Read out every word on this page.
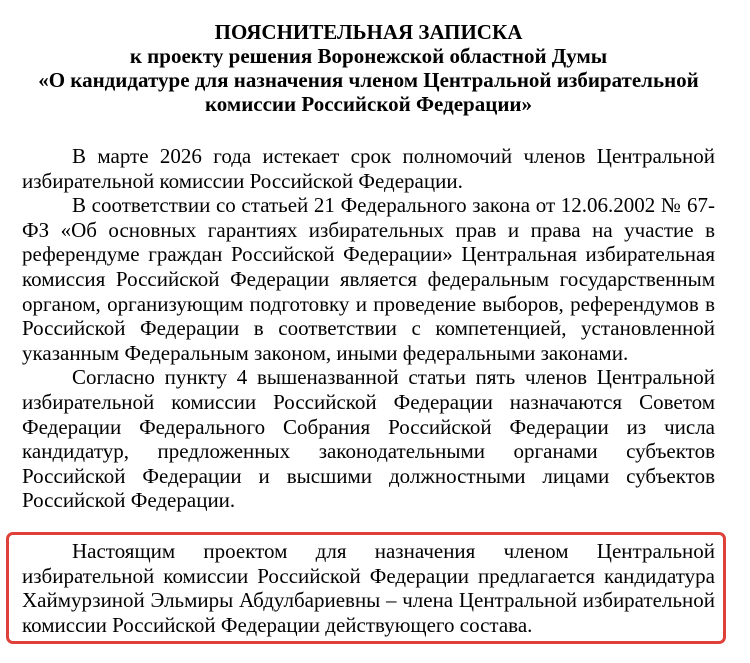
ПОЯСНИТЕЛЬНАЯ ЗАПИСКА
к проекту решения Воронежской областной Думы
«О кандидатуре для назначения членом Центральной избирательной
комиссии Российской Федерации»

В марте 2026 года истекает срок полномочий членов Центральной избирательной комиссии Российской Федерации.

В соответствии со статьей 21 Федерального закона от 12.06.2002 № 67-ФЗ «Об основных гарантиях избирательных прав и права на участие в референдуме граждан Российской Федерации» Центральная избирательная комиссия Российской Федерации является федеральным государственным органом, организующим подготовку и проведение выборов, референдумов в Российской Федерации в соответствии с компетенцией, установленной указанным Федеральным законом, иными федеральными законами.

Согласно пункту 4 вышеназванной статьи пять членов Центральной избирательной комиссии Российской Федерации назначаются Советом Федерации Федерального Собрания Российской Федерации из числа кандидатур, предложенных законодательными органами субъектов Российской Федерации и высшими должностными лицами субъектов Российской Федерации.

Настоящим проектом для назначения членом Центральной избирательной комиссии Российской Федерации предлагается кандидатура Хаймурзиной Эльмиры Абдулбариевны – члена Центральной избирательной комиссии Российской Федерации действующего состава.
